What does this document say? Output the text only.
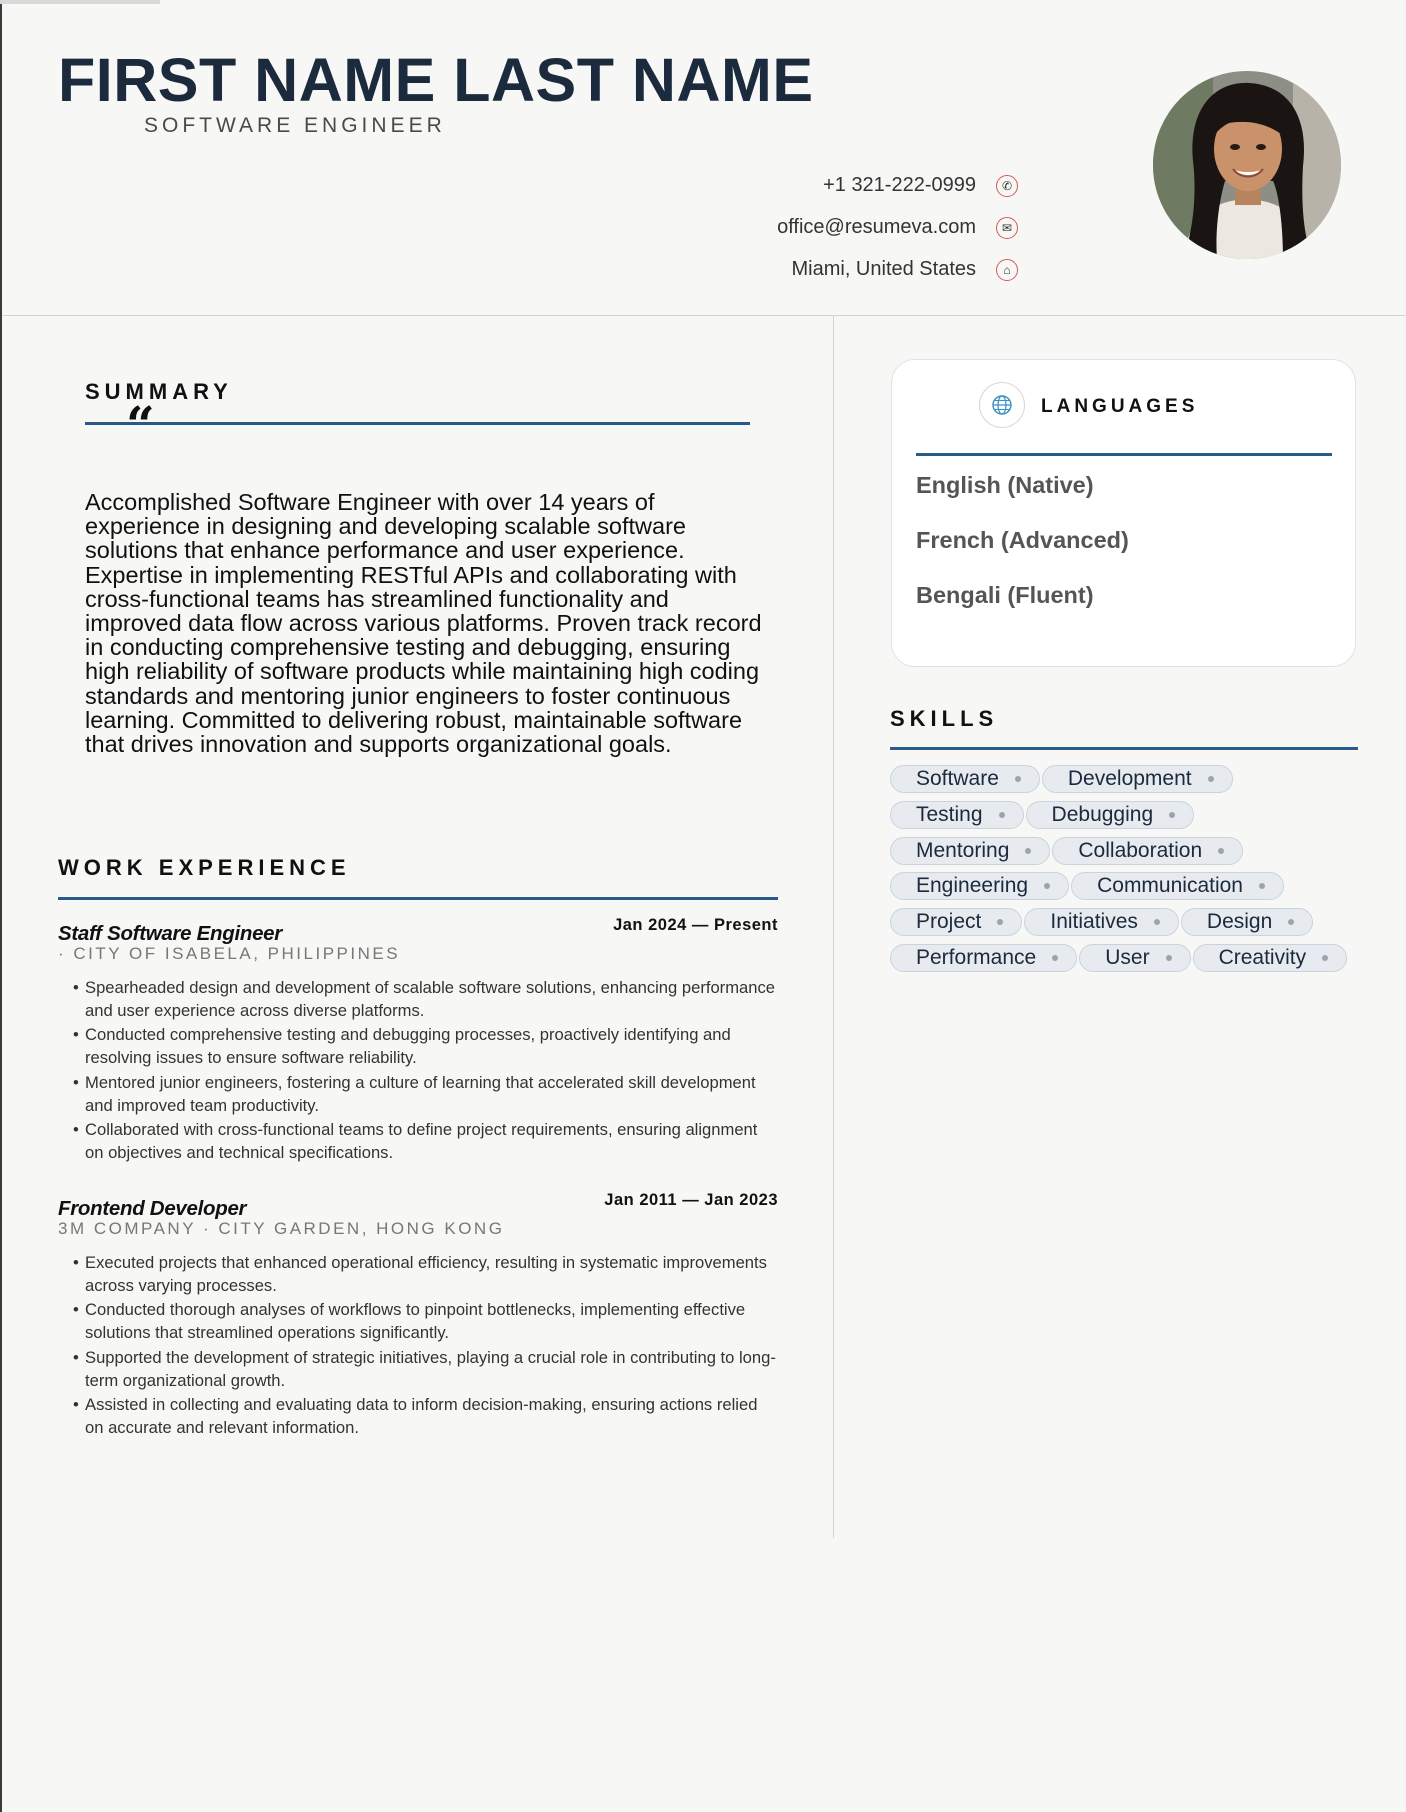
FIRST NAME LAST NAME
SOFTWARE ENGINEER
+1 321-222-0999	✆
office@resumeva.com	✉
Miami, United States	⌂
SUMMARY
“

Accomplished Software Engineer with over 14 years of experience in designing and developing scalable software solutions that enhance performance and user experience. Expertise in implementing RESTful APIs and collaborating with cross-functional teams has streamlined functionality and improved data flow across various platforms. Proven track record in conducting comprehensive testing and debugging, ensuring high reliability of software products while maintaining high coding standards and mentoring junior engineers to foster continuous learning. Committed to delivering robust, maintainable software that drives innovation and supports organizational goals.

WORK EXPERIENCE
Staff Software Engineer	Jan 2024 — Present
· CITY OF ISABELA, PHILIPPINES
• Spearheaded design and development of scalable software solutions, enhancing performance and user experience across diverse platforms.
• Conducted comprehensive testing and debugging processes, proactively identifying and resolving issues to ensure software reliability.
• Mentored junior engineers, fostering a culture of learning that accelerated skill development and improved team productivity.
• Collaborated with cross-functional teams to define project requirements, ensuring alignment on objectives and technical specifications.
Frontend Developer	Jan 2011 — Jan 2023
3M COMPANY · CITY GARDEN, HONG KONG
• Executed projects that enhanced operational efficiency, resulting in systematic improvements across varying processes.
• Conducted thorough analyses of workflows to pinpoint bottlenecks, implementing effective solutions that streamlined operations significantly.
• Supported the development of strategic initiatives, playing a crucial role in contributing to long-term organizational growth.
• Assisted in collecting and evaluating data to inform decision-making, ensuring actions relied on accurate and relevant information.
LANGUAGES
English (Native)
French (Advanced)
Bengali (Fluent)
SKILLS
Software	Development
Testing	Debugging
Mentoring	Collaboration
Engineering	Communication
Project	Initiatives	Design
Performance	User	Creativity
